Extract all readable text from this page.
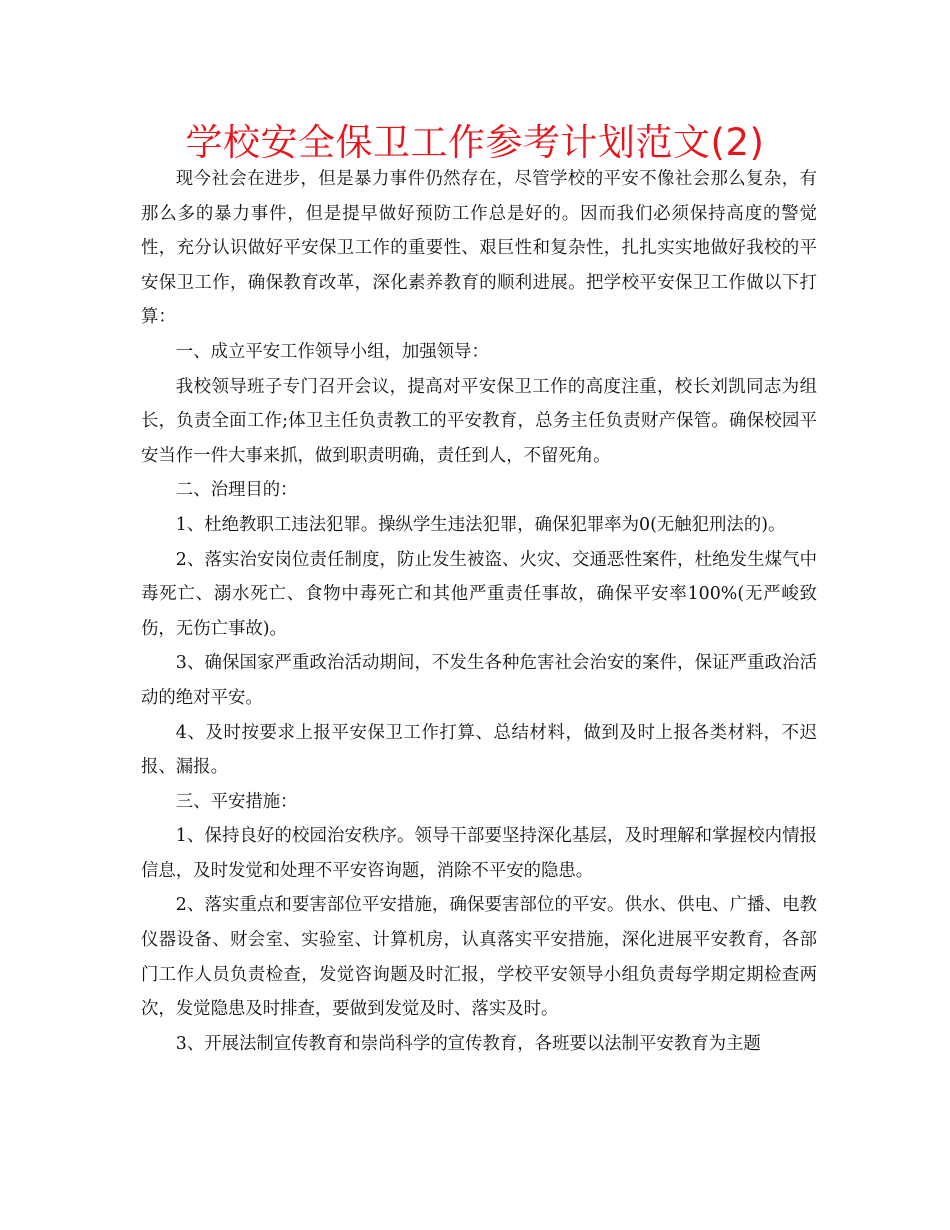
学校安全保卫工作参考计划范文(2)

现今社会在进步，但是暴力事件仍然存在，尽管学校的平安不像社会那么复杂，有那么多的暴力事件，但是提早做好预防工作总是好的。因而我们必须保持高度的警觉性，充分认识做好平安保卫工作的重要性、艰巨性和复杂性，扎扎实实地做好我校的平安保卫工作，确保教育改革，深化素养教育的顺利进展。把学校平安保卫工作做以下打算：

一、成立平安工作领导小组，加强领导：

我校领导班子专门召开会议，提高对平安保卫工作的高度注重，校长刘凯同志为组长，负责全面工作;体卫主任负责教工的平安教育，总务主任负责财产保管。确保校园平安当作一件大事来抓，做到职责明确，责任到人，不留死角。

二、治理目的：

1、杜绝教职工违法犯罪。操纵学生违法犯罪，确保犯罪率为0(无触犯刑法的)。

2、落实治安岗位责任制度，防止发生被盗、火灾、交通恶性案件，杜绝发生煤气中毒死亡、溺水死亡、食物中毒死亡和其他严重责任事故，确保平安率100%(无严峻致伤，无伤亡事故)。

3、确保国家严重政治活动期间，不发生各种危害社会治安的案件，保证严重政治活动的绝对平安。

4、及时按要求上报平安保卫工作打算、总结材料，做到及时上报各类材料，不迟报、漏报。

三、平安措施：

1、保持良好的校园治安秩序。领导干部要坚持深化基层，及时理解和掌握校内情报信息，及时发觉和处理不平安咨询题，消除不平安的隐患。

2、落实重点和要害部位平安措施，确保要害部位的平安。供水、供电、广播、电教仪器设备、财会室、实验室、计算机房，认真落实平安措施，深化进展平安教育，各部门工作人员负责检查，发觉咨询题及时汇报，学校平安领导小组负责每学期定期检查两次，发觉隐患及时排查，要做到发觉及时、落实及时。

3、开展法制宣传教育和崇尚科学的宣传教育，各班要以法制平安教育为主题
